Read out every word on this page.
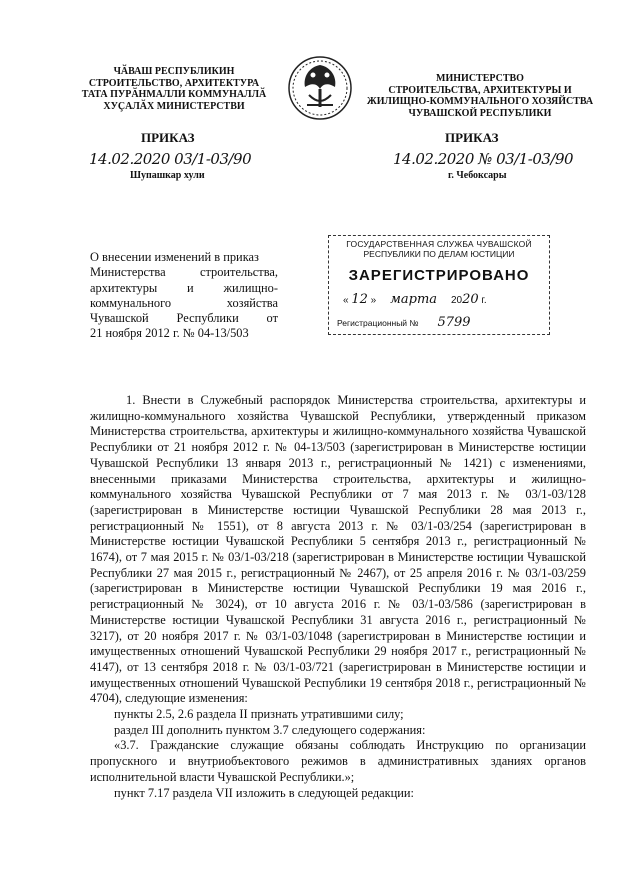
ЧӐВАШ РЕСПУБЛИКИН
СТРОИТЕЛЬСТВО, АРХИТЕКТУРА
ТАТА ПУРӐНМАЛЛИ КОММУНАЛЛӐ
ХУҪАЛӐХ МИНИСТЕРСТВИ
МИНИСТЕРСТВО
СТРОИТЕЛЬСТВА, АРХИТЕКТУРЫ И
ЖИЛИЩНО-КОММУНАЛЬНОГО ХОЗЯЙСТВА
ЧУВАШСКОЙ РЕСПУБЛИКИ
ПРИКАЗ	ПРИКАЗ
14.02.2020 03/1-03/90	14.02.2020 № 03/1-03/90
Шупашкар хули	г. Чебоксары
О внесении изменений в приказ
Министерства строительства,
архитектуры и жилищно-
коммунального хозяйства
Чувашской Республики от
21 ноября 2012 г. № 04-13/503
ГОСУДАРСТВЕННАЯ СЛУЖБА ЧУВАШСКОЙ
РЕСПУБЛИКИ ПО ДЕЛАМ ЮСТИЦИИ
ЗАРЕГИСТРИРОВАНО
« 12 »     марта 2020 г.
Регистрационный № 5799

1. Внести в Служебный распорядок Министерства строительства, архитектуры и жилищно-коммунального хозяйства Чувашской Республики, утвержденный приказом Министерства строительства, архитектуры и жилищно-коммунального хозяйства Чувашской Республики от 21 ноября 2012 г. № 04-13/503 (зарегистрирован в Министерстве юстиции Чувашской Республики 13 января 2013 г., регистрационный № 1421) с изменениями, внесенными приказами Министерства строительства, архитектуры и жилищно-коммунального хозяйства Чувашской Республики от 7 мая 2013 г. № 03/1-03/128 (зарегистрирован в Министерстве юстиции Чувашской Республики 28 мая 2013 г., регистрационный № 1551), от 8 августа 2013 г. № 03/1-03/254 (зарегистрирован в Министерстве юстиции Чувашской Республики 5 сентября 2013 г., регистрационный № 1674), от 7 мая 2015 г. № 03/1-03/218 (зарегистрирован в Министерстве юстиции Чувашской Республики 27 мая 2015 г., регистрационный № 2467), от 25 апреля 2016 г. № 03/1-03/259 (зарегистрирован в Министерстве юстиции Чувашской Республики 19 мая 2016 г., регистрационный № 3024), от 10 августа 2016 г. № 03/1-03/586 (зарегистрирован в Министерстве юстиции Чувашской Республики 31 августа 2016 г., регистрационный № 3217), от 20 ноября 2017 г. № 03/1-03/1048 (зарегистрирован в Министерстве юстиции и имущественных отношений Чувашской Республики 29 ноября 2017 г., регистрационный № 4147), от 13 сентября 2018 г. № 03/1-03/721 (зарегистрирован в Министерстве юстиции и имущественных отношений Чувашской Республики 19 сентября 2018 г., регистрационный № 4704), следующие изменения:

пункты 2.5, 2.6 раздела II признать утратившими силу;

раздел III дополнить пунктом 3.7 следующего содержания:

«3.7. Гражданские служащие обязаны соблюдать Инструкцию по организации пропускного и внутриобъектового режимов в административных зданиях органов исполнительной власти Чувашской Республики.»;

пункт 7.17 раздела VII изложить в следующей редакции:
